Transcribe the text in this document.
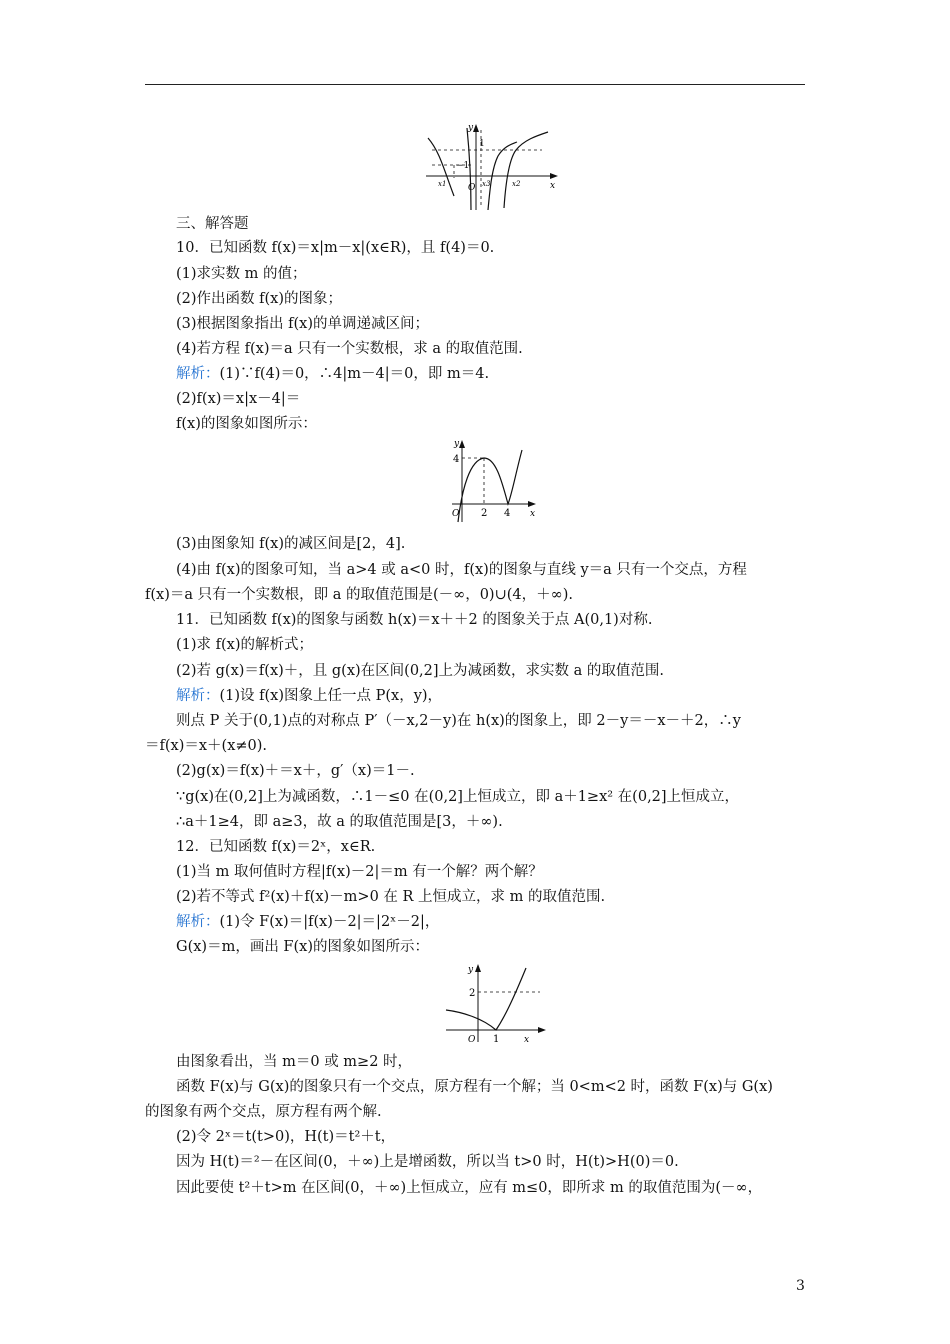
y
x
1
−1
O
x1	x3	x2
y
x
4
O 2 4
y
x
2
O 1
三、解答题
10．已知函数 f(x)＝x|m－x|(x∈R)，且 f(4)＝0.
(1)求实数 m 的值；
(2)作出函数 f(x)的图象；
(3)根据图象指出 f(x)的单调递减区间；
(4)若方程 f(x)＝a 只有一个实数根，求 a 的取值范围.
解析：(1)∵f(4)＝0，∴4|m－4|＝0，即 m＝4.
(2)f(x)＝x|x－4|＝
f(x)的图象如图所示：
(3)由图象知 f(x)的减区间是[2，4].
(4)由 f(x)的图象可知，当 a>4 或 a<0 时，f(x)的图象与直线 y＝a 只有一个交点，方程
f(x)＝a 只有一个实数根，即 a 的取值范围是(－∞，0)∪(4，＋∞).
11．已知函数 f(x)的图象与函数 h(x)＝x＋＋2 的图象关于点 A(0,1)对称.
(1)求 f(x)的解析式；
(2)若 g(x)＝f(x)＋，且 g(x)在区间(0,2]上为减函数，求实数 a 的取值范围.
解析：(1)设 f(x)图象上任一点 P(x，y)，
则点 P 关于(0,1)点的对称点 P′（－x,2－y)在 h(x)的图象上，即 2－y＝－x－＋2，∴y
＝f(x)＝x＋(x≠0).
(2)g(x)＝f(x)＋＝x＋，g′（x)＝1－.
∵g(x)在(0,2]上为减函数，∴1－≤0 在(0,2]上恒成立，即 a＋1≥x² 在(0,2]上恒成立，
∴a＋1≥4，即 a≥3，故 a 的取值范围是[3，＋∞).
12．已知函数 f(x)＝2ˣ，x∈R.
(1)当 m 取何值时方程|f(x)－2|＝m 有一个解？两个解？
(2)若不等式 f²(x)＋f(x)－m>0 在 R 上恒成立，求 m 的取值范围.
解析：(1)令 F(x)＝|f(x)－2|＝|2ˣ－2|，
G(x)＝m，画出 F(x)的图象如图所示：
由图象看出，当 m＝0 或 m≥2 时，
函数 F(x)与 G(x)的图象只有一个交点，原方程有一个解；当 0<m<2 时，函数 F(x)与 G(x)
的图象有两个交点，原方程有两个解.
(2)令 2ˣ＝t(t>0)，H(t)＝t²＋t，
因为 H(t)＝²－在区间(0，＋∞)上是增函数，所以当 t>0 时，H(t)>H(0)＝0.
因此要使 t²＋t>m 在区间(0，＋∞)上恒成立，应有 m≤0，即所求 m 的取值范围为(－∞，
3
